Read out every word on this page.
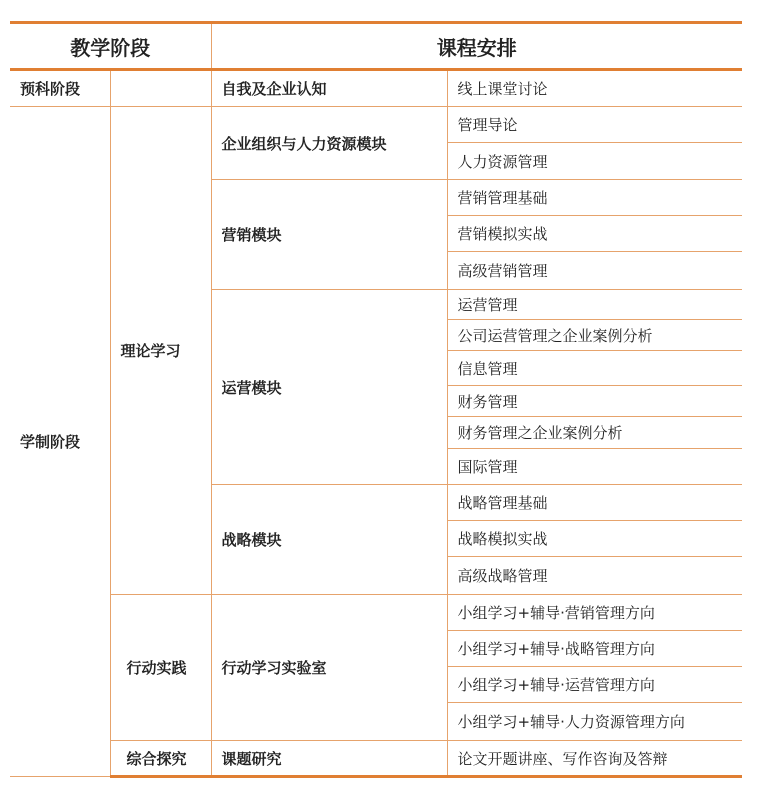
教学阶段		课程安排	
预科阶段		自我及企业认知	线上课堂讨论
学制阶段	理论学习	企业组织与人力资源模块	管理导论
			人力资源管理
		营销模块	营销管理基础
			营销模拟实战
			高级营销管理
		运营模块	运营管理
			公司运营管理之企业案例分析
			信息管理
			财务管理
			财务管理之企业案例分析
			国际管理
		战略模块	战略管理基础
			战略模拟实战
			高级战略管理
	行动实践	行动学习实验室	小组学习+辅导·营销管理方向
			小组学习+辅导·战略管理方向
			小组学习+辅导·运营管理方向
			小组学习+辅导·人力资源管理方向
	综合探究	课题研究	论文开题讲座、写作咨询及答辩
